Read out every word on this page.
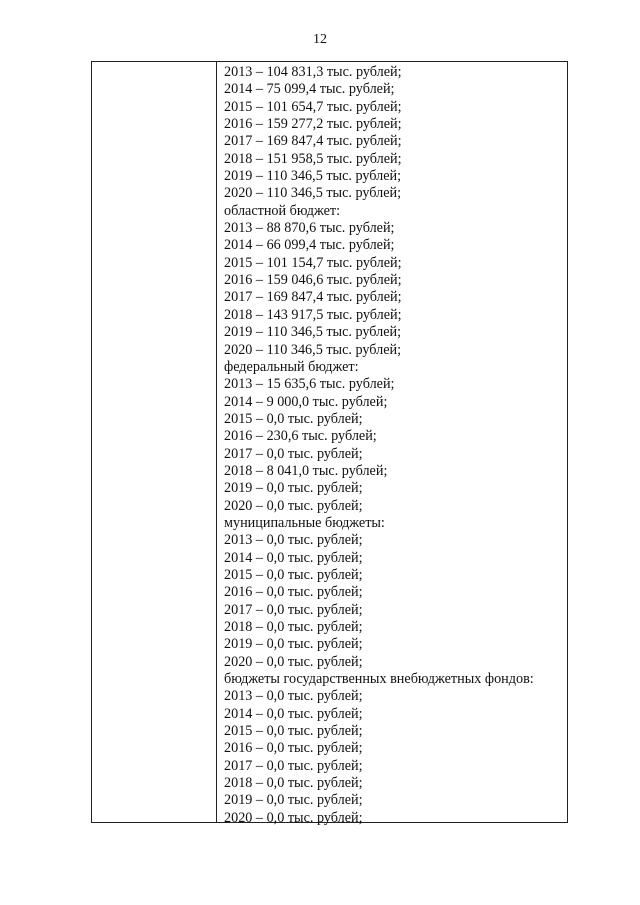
12
2013 – 104 831,3 тыс. рублей;
2014 – 75 099,4 тыс. рублей;
2015 – 101 654,7 тыс. рублей;
2016 – 159 277,2 тыс. рублей;
2017 – 169 847,4 тыс. рублей;
2018 – 151 958,5 тыс. рублей;
2019 – 110 346,5 тыс. рублей;
2020 – 110 346,5 тыс. рублей;
областной бюджет:
2013 – 88 870,6 тыс. рублей;
2014 – 66 099,4 тыс. рублей;
2015 – 101 154,7 тыс. рублей;
2016 – 159 046,6 тыс. рублей;
2017 – 169 847,4 тыс. рублей;
2018 – 143 917,5 тыс. рублей;
2019 – 110 346,5 тыс. рублей;
2020 – 110 346,5 тыс. рублей;
федеральный бюджет:
2013 – 15 635,6 тыс. рублей;
2014 – 9 000,0 тыс. рублей;
2015 – 0,0 тыс. рублей;
2016 – 230,6 тыс. рублей;
2017 – 0,0 тыс. рублей;
2018 – 8 041,0 тыс. рублей;
2019 – 0,0 тыс. рублей;
2020 – 0,0 тыс. рублей;
муниципальные бюджеты:
2013 – 0,0 тыс. рублей;
2014 – 0,0 тыс. рублей;
2015 – 0,0 тыс. рублей;
2016 – 0,0 тыс. рублей;
2017 – 0,0 тыс. рублей;
2018 – 0,0 тыс. рублей;
2019 – 0,0 тыс. рублей;
2020 – 0,0 тыс. рублей;
бюджеты государственных внебюджетных фондов:
2013 – 0,0 тыс. рублей;
2014 – 0,0 тыс. рублей;
2015 – 0,0 тыс. рублей;
2016 – 0,0 тыс. рублей;
2017 – 0,0 тыс. рублей;
2018 – 0,0 тыс. рублей;
2019 – 0,0 тыс. рублей;
2020 – 0,0 тыс. рублей;
